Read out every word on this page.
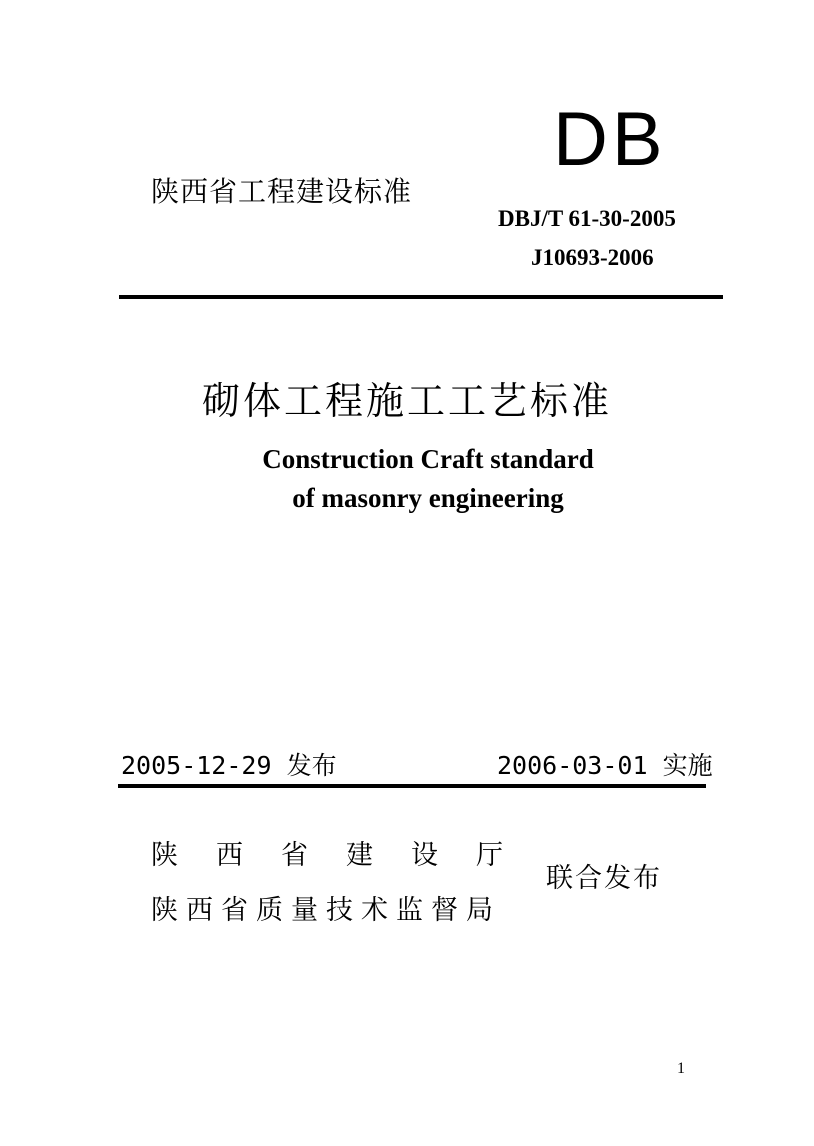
陕西省工程建设标准
DB
DBJ/T 61-30-2005
J10693-2006
砌体工程施工工艺标准
Construction Craft standard
of masonry engineering
2005-12-29 发布	2006-03-01 实施
陕西省建设厅
陕西省质量技术监督局
联合发布
1
